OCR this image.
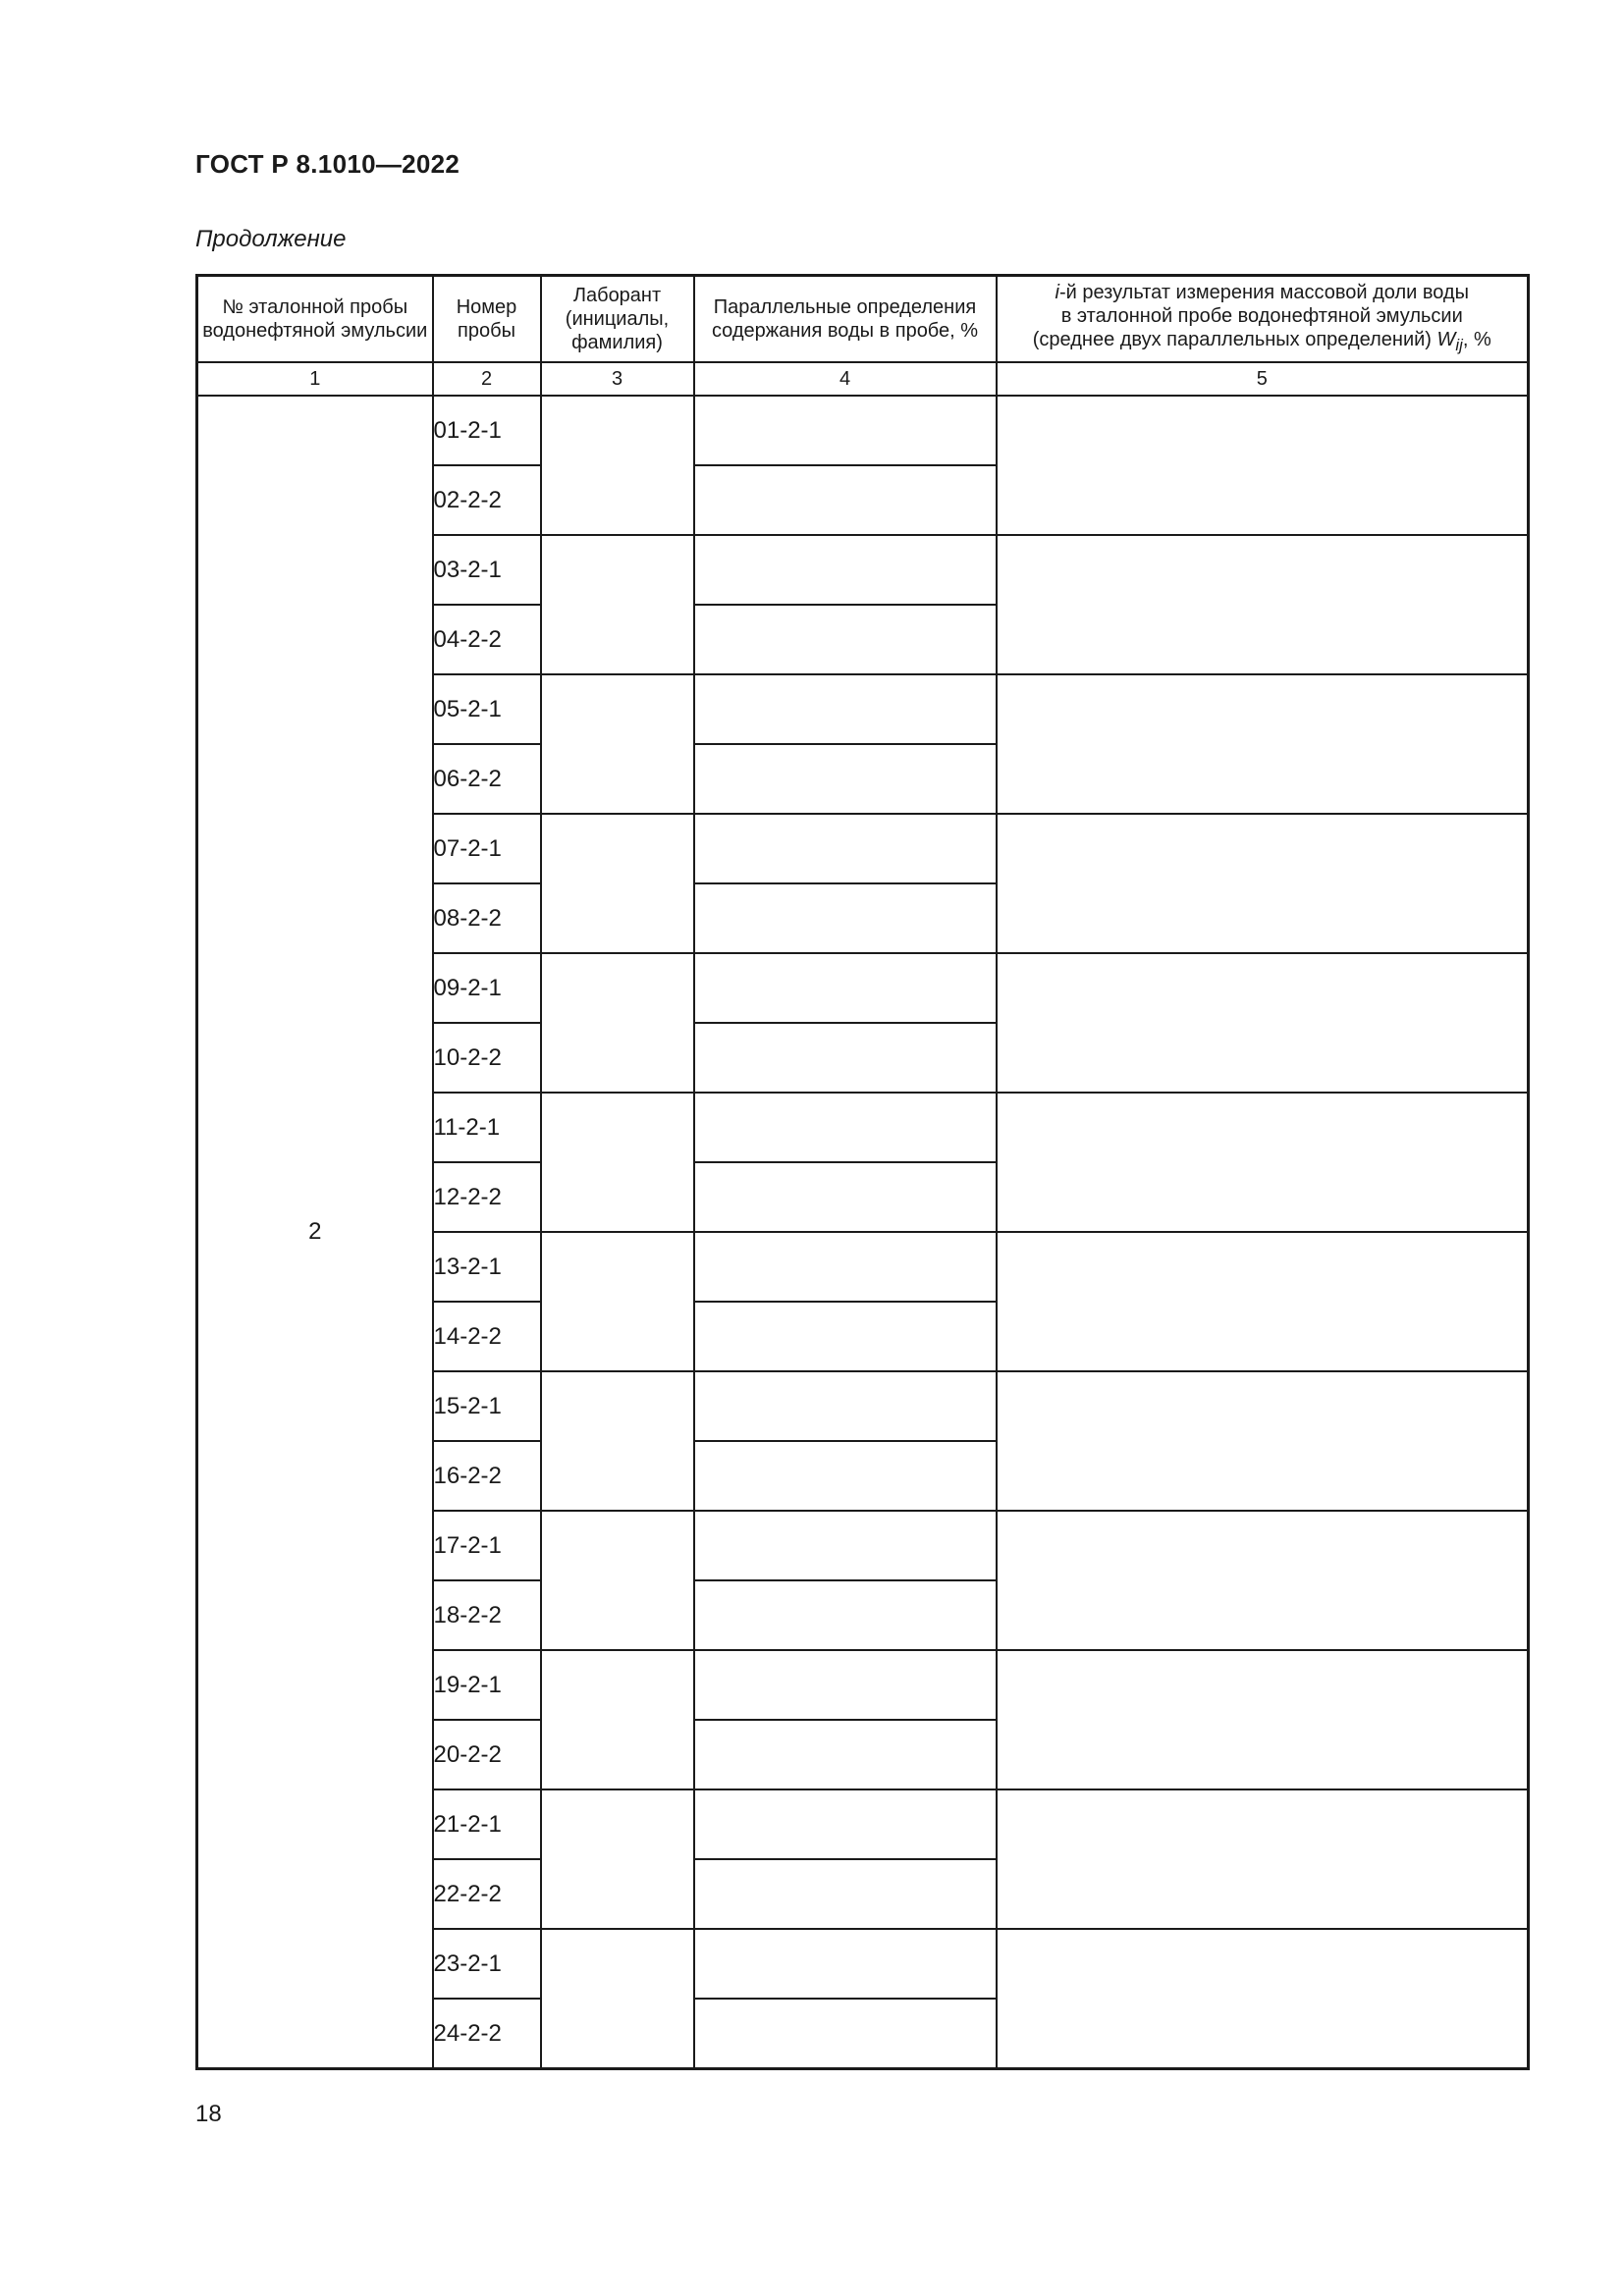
ГОСТ Р 8.1010—2022
Продолжение
№ эталонной пробы водонефтяной эмульсии	Номер пробы	Лаборант (инициалы, фамилия)	Параллельные определения содержания воды в пробе, %	i-й результат измерения массовой доли воды
в эталонной пробе водонефтяной эмульсии
(среднее двух параллельных определений) $W_{ij}$, %
1	2	3	4	5
2	01-2-1			
	02-2-2			
	03-2-1			
	04-2-2			
	05-2-1			
	06-2-2			
	07-2-1			
	08-2-2			
	09-2-1			
	10-2-2			
	11-2-1			
	12-2-2			
	13-2-1			
	14-2-2			
	15-2-1			
	16-2-2			
	17-2-1			
	18-2-2			
	19-2-1			
	20-2-2			
	21-2-1			
	22-2-2			
	23-2-1			
	24-2-2			
18
